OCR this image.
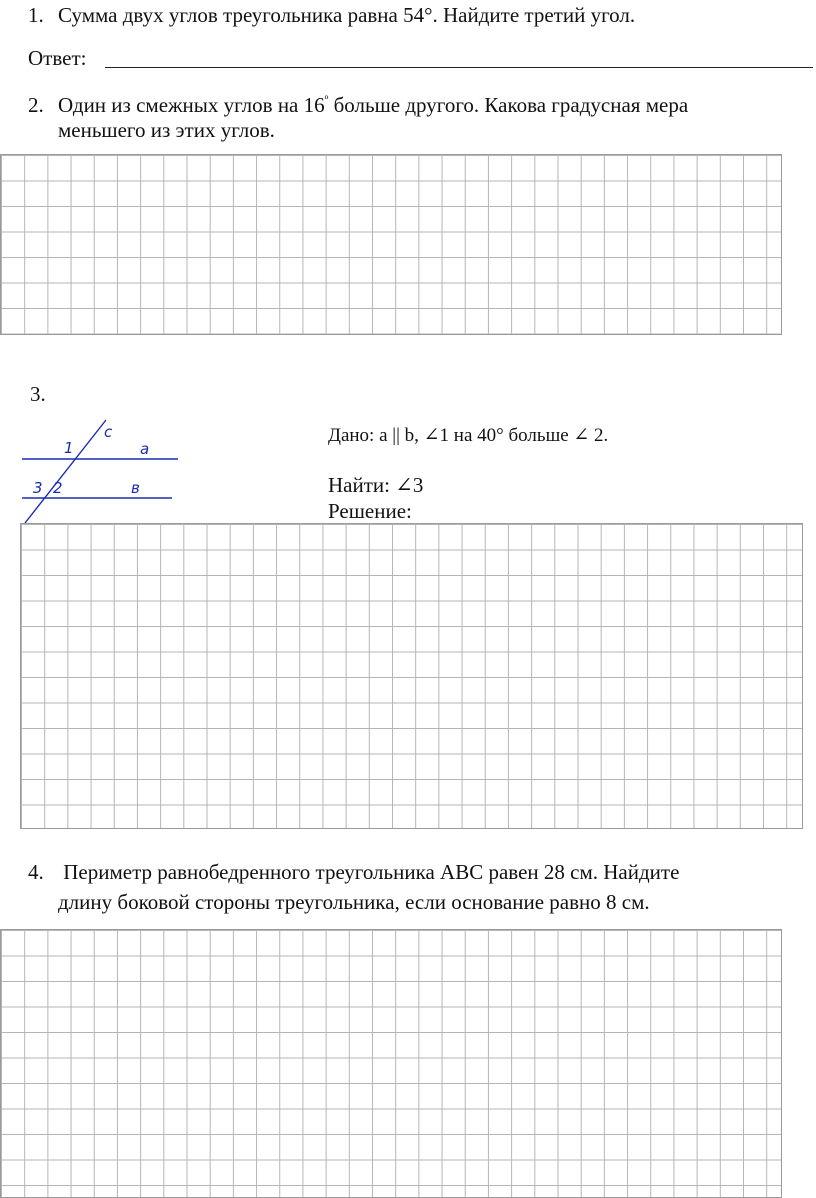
1. Сумма двух углов треугольника равна 54°. Найдите третий угол.
Ответ:
2. Один из смежных углов на $16^º$ больше другого. Какова градусная мера
меньшего из этих углов.
3.
c
a
в
1
3 2
Дано: a || b, ∠1 на 40° больше ∠ 2.
Найти: ∠3
Решение:
4. Периметр равнобедренного треугольника АВС равен 28 см. Найдите
длину боковой стороны треугольника, если основание равно 8 см.
